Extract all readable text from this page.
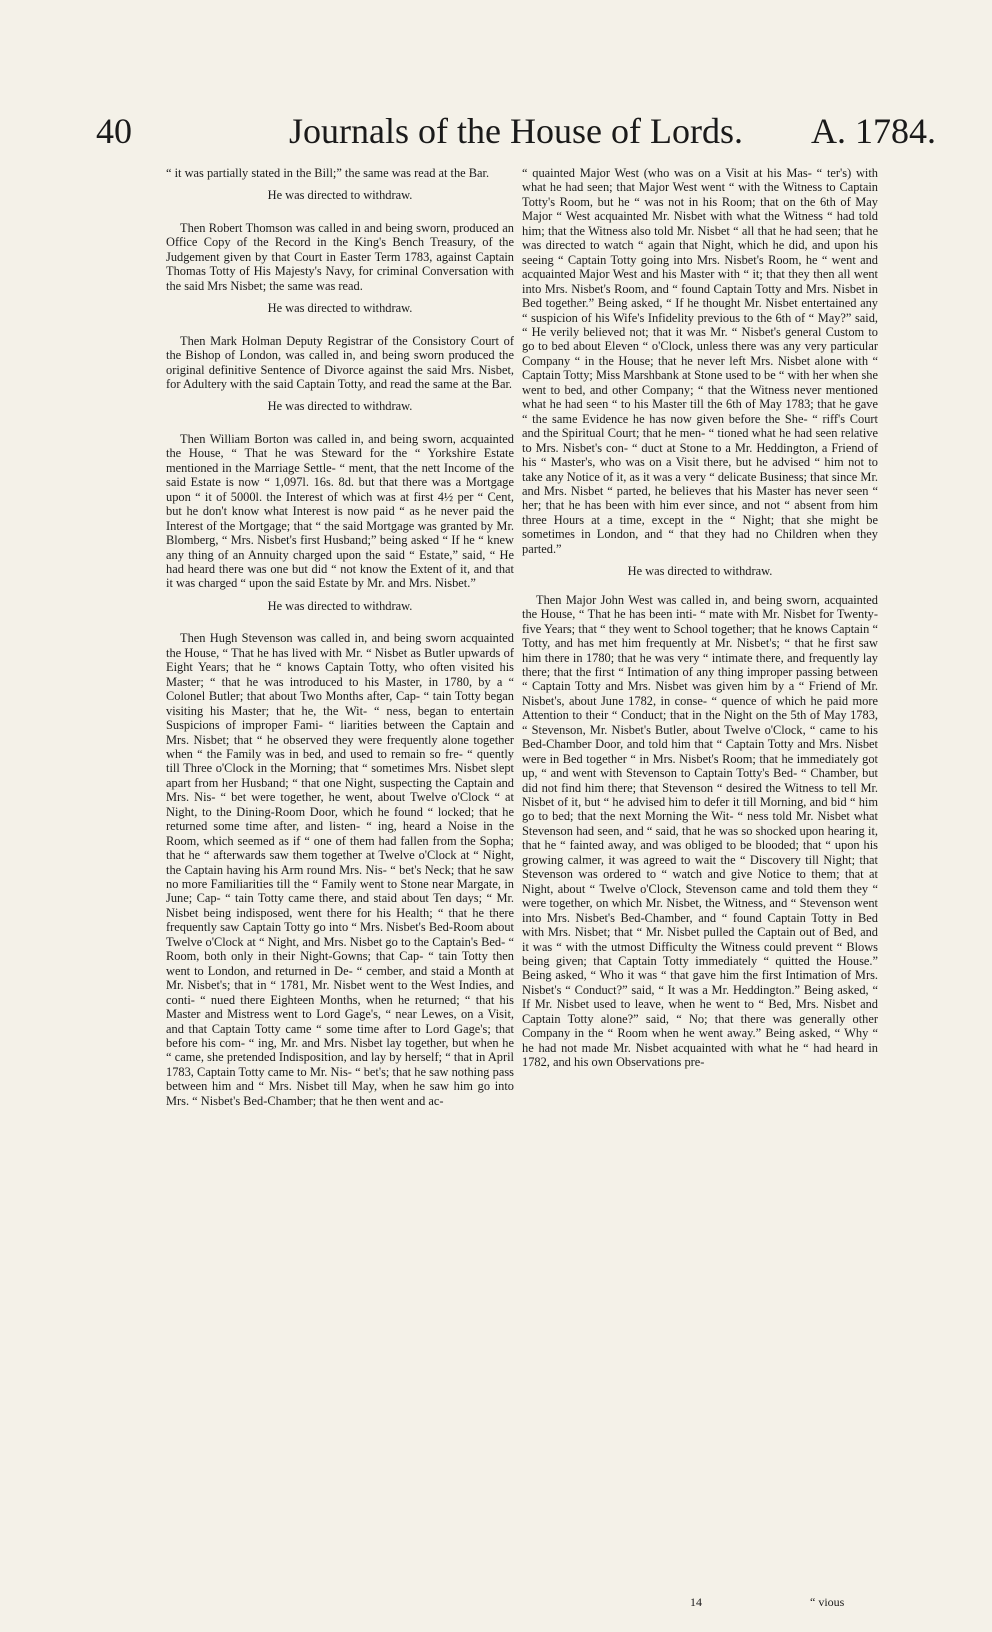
40	Journals of the House of Lords.	A. 1784.

“ it was partially stated in the Bill;” the same was read at the Bar.

He was directed to withdraw.

Then Robert Thomson was called in and being sworn, produced an Office Copy of the Record in the King's Bench Treasury, of the Judgement given by that Court in Easter Term 1783, against Captain Thomas Totty of His Majesty's Navy, for criminal Conversation with the said Mrs Nisbet; the same was read.

He was directed to withdraw.

Then Mark Holman Deputy Registrar of the Consistory Court of the Bishop of London, was called in, and being sworn produced the original definitive Sentence of Divorce against the said Mrs. Nisbet, for Adultery with the said Captain Totty, and read the same at the Bar.

He was directed to withdraw.

Then William Borton was called in, and being sworn, acquainted the House, “ That he was Steward for the “ Yorkshire Estate mentioned in the Marriage Settle- “ ment, that the nett Income of the said Estate is now “ 1,097l. 16s. 8d. but that there was a Mortgage upon “ it of 5000l. the Interest of which was at first 4½ per “ Cent, but he don't know what Interest is now paid “ as he never paid the Interest of the Mortgage; that “ the said Mortgage was granted by Mr. Blomberg, “ Mrs. Nisbet's first Husband;” being asked “ If he “ knew any thing of an Annuity charged upon the said “ Estate,” said, “ He had heard there was one but did “ not know the Extent of it, and that it was charged “ upon the said Estate by Mr. and Mrs. Nisbet.”

He was directed to withdraw.

Then Hugh Stevenson was called in, and being sworn acquainted the House, “ That he has lived with Mr. “ Nisbet as Butler upwards of Eight Years; that he “ knows Captain Totty, who often visited his Master; “ that he was introduced to his Master, in 1780, by a “ Colonel Butler; that about Two Months after, Cap- “ tain Totty began visiting his Master; that he, the Wit- “ ness, began to entertain Suspicions of improper Fami- “ liarities between the Captain and Mrs. Nisbet; that “ he observed they were frequently alone together when “ the Family was in bed, and used to remain so fre- “ quently till Three o'Clock in the Morning; that “ sometimes Mrs. Nisbet slept apart from her Husband; “ that one Night, suspecting the Captain and Mrs. Nis- “ bet were together, he went, about Twelve o'Clock “ at Night, to the Dining-Room Door, which he found “ locked; that he returned some time after, and listen- “ ing, heard a Noise in the Room, which seemed as if “ one of them had fallen from the Sopha; that he “ afterwards saw them together at Twelve o'Clock at “ Night, the Captain having his Arm round Mrs. Nis- “ bet's Neck; that he saw no more Familiarities till the “ Family went to Stone near Margate, in June; Cap- “ tain Totty came there, and staid about Ten days; “ Mr. Nisbet being indisposed, went there for his Health; “ that he there frequently saw Captain Totty go into “ Mrs. Nisbet's Bed-Room about Twelve o'Clock at “ Night, and Mrs. Nisbet go to the Captain's Bed- “ Room, both only in their Night-Gowns; that Cap- “ tain Totty then went to London, and returned in De- “ cember, and staid a Month at Mr. Nisbet's; that in “ 1781, Mr. Nisbet went to the West Indies, and conti- “ nued there Eighteen Months, when he returned; “ that his Master and Mistress went to Lord Gage's, “ near Lewes, on a Visit, and that Captain Totty came “ some time after to Lord Gage's; that before his com- “ ing, Mr. and Mrs. Nisbet lay together, but when he “ came, she pretended Indisposition, and lay by herself; “ that in April 1783, Captain Totty came to Mr. Nis- “ bet's; that he saw nothing pass between him and “ Mrs. Nisbet till May, when he saw him go into Mrs. “ Nisbet's Bed-Chamber; that he then went and ac-

“ quainted Major West (who was on a Visit at his Mas- “ ter's) with what he had seen; that Major West went “ with the Witness to Captain Totty's Room, but he “ was not in his Room; that on the 6th of May Major “ West acquainted Mr. Nisbet with what the Witness “ had told him; that the Witness also told Mr. Nisbet “ all that he had seen; that he was directed to watch “ again that Night, which he did, and upon his seeing “ Captain Totty going into Mrs. Nisbet's Room, he “ went and acquainted Major West and his Master with “ it; that they then all went into Mrs. Nisbet's Room, and “ found Captain Totty and Mrs. Nisbet in Bed together.” Being asked, “ If he thought Mr. Nisbet entertained any “ suspicion of his Wife's Infidelity previous to the 6th of “ May?” said, “ He verily believed not; that it was Mr. “ Nisbet's general Custom to go to bed about Eleven “ o'Clock, unless there was any very particular Company “ in the House; that he never left Mrs. Nisbet alone with “ Captain Totty; Miss Marshbank at Stone used to be “ with her when she went to bed, and other Company; “ that the Witness never mentioned what he had seen “ to his Master till the 6th of May 1783; that he gave “ the same Evidence he has now given before the She- “ riff's Court and the Spiritual Court; that he men- “ tioned what he had seen relative to Mrs. Nisbet's con- “ duct at Stone to a Mr. Heddington, a Friend of his “ Master's, who was on a Visit there, but he advised “ him not to take any Notice of it, as it was a very “ delicate Business; that since Mr. and Mrs. Nisbet “ parted, he believes that his Master has never seen “ her; that he has been with him ever since, and not “ absent from him three Hours at a time, except in the “ Night; that she might be sometimes in London, and “ that they had no Children when they parted.”

He was directed to withdraw.

Then Major John West was called in, and being sworn, acquainted the House, “ That he has been inti- “ mate with Mr. Nisbet for Twenty-five Years; that “ they went to School together; that he knows Captain “ Totty, and has met him frequently at Mr. Nisbet's; “ that he first saw him there in 1780; that he was very “ intimate there, and frequently lay there; that the first “ Intimation of any thing improper passing between “ Captain Totty and Mrs. Nisbet was given him by a “ Friend of Mr. Nisbet's, about June 1782, in conse- “ quence of which he paid more Attention to their “ Conduct; that in the Night on the 5th of May 1783, “ Stevenson, Mr. Nisbet's Butler, about Twelve o'Clock, “ came to his Bed-Chamber Door, and told him that “ Captain Totty and Mrs. Nisbet were in Bed together “ in Mrs. Nisbet's Room; that he immediately got up, “ and went with Stevenson to Captain Totty's Bed- “ Chamber, but did not find him there; that Stevenson “ desired the Witness to tell Mr. Nisbet of it, but “ he advised him to defer it till Morning, and bid “ him go to bed; that the next Morning the Wit- “ ness told Mr. Nisbet what Stevenson had seen, and “ said, that he was so shocked upon hearing it, that he “ fainted away, and was obliged to be blooded; that “ upon his growing calmer, it was agreed to wait the “ Discovery till Night; that Stevenson was ordered to “ watch and give Notice to them; that at Night, about “ Twelve o'Clock, Stevenson came and told them they “ were together, on which Mr. Nisbet, the Witness, and “ Stevenson went into Mrs. Nisbet's Bed-Chamber, and “ found Captain Totty in Bed with Mrs. Nisbet; that “ Mr. Nisbet pulled the Captain out of Bed, and it was “ with the utmost Difficulty the Witness could prevent “ Blows being given; that Captain Totty immediately “ quitted the House.” Being asked, “ Who it was “ that gave him the first Intimation of Mrs. Nisbet's “ Conduct?” said, “ It was a Mr. Heddington.” Being asked, “ If Mr. Nisbet used to leave, when he went to “ Bed, Mrs. Nisbet and Captain Totty alone?” said, “ No; that there was generally other Company in the “ Room when he went away.” Being asked, “ Why “ he had not made Mr. Nisbet acquainted with what he “ had heard in 1782, and his own Observations pre-

14	“ vious
